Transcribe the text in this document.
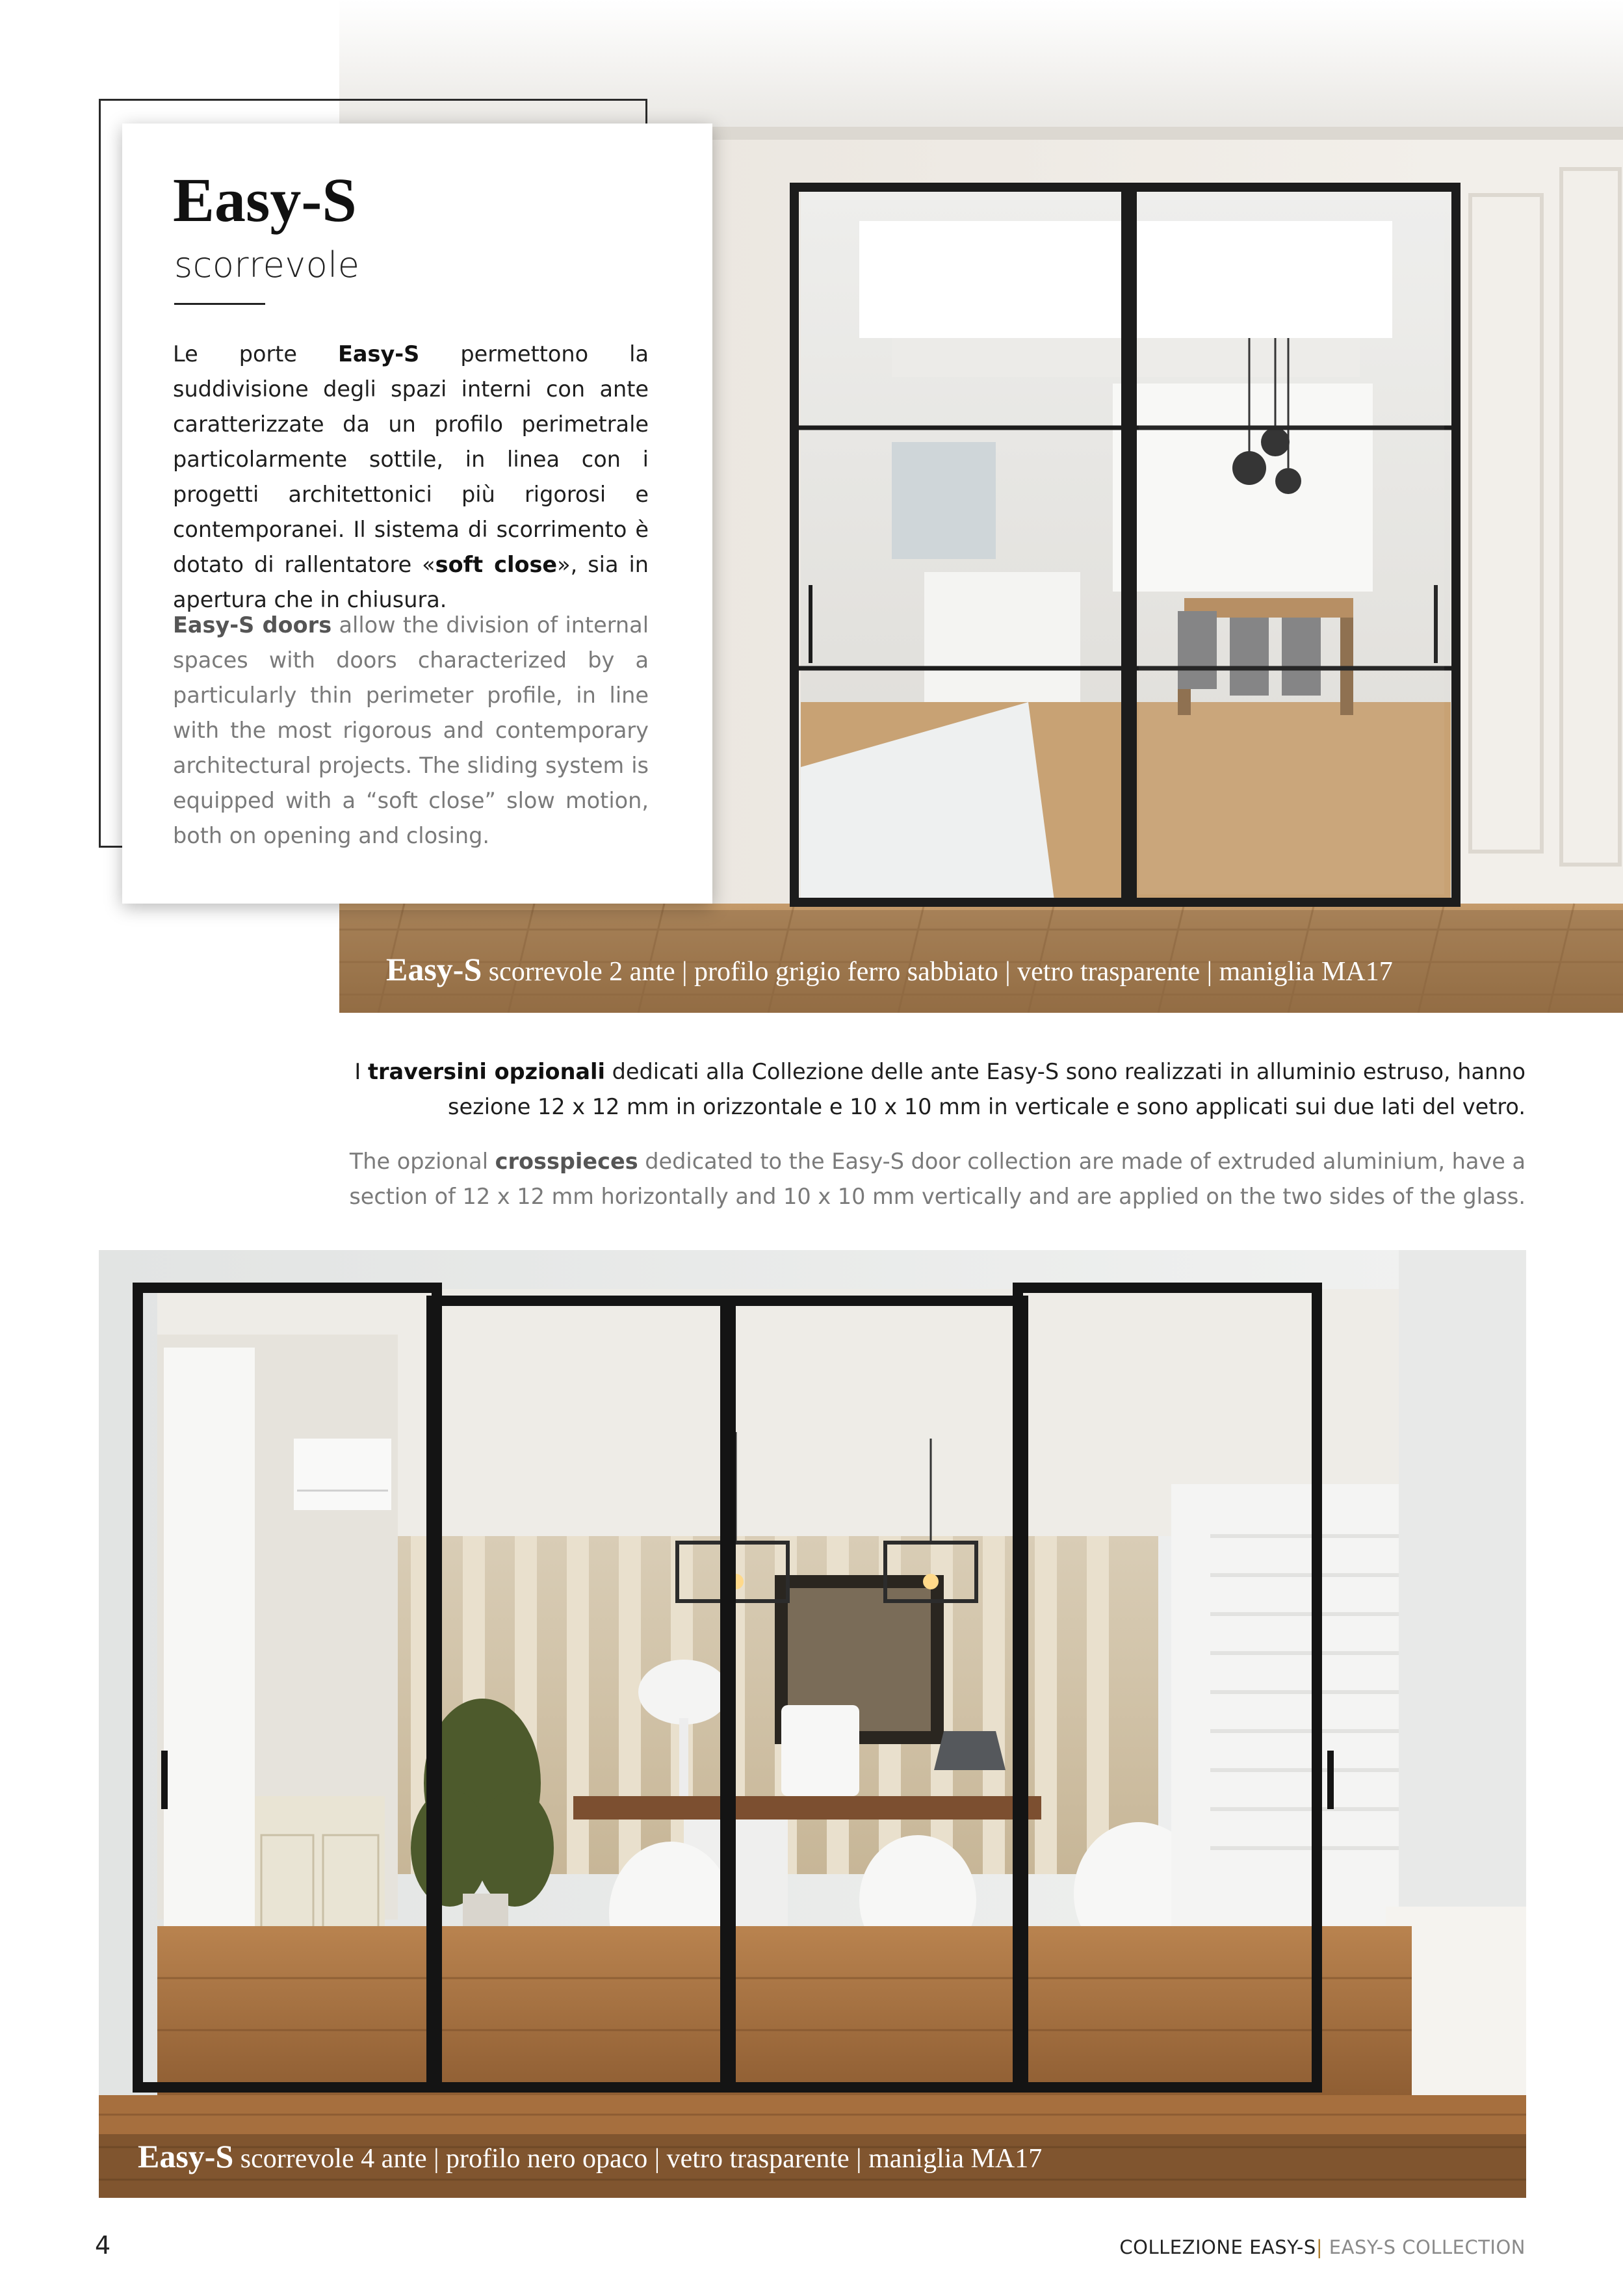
Easy-S scorrevole 2 ante | profilo grigio ferro sabbiato | vetro trasparente | maniglia MA17
Easy-S
scorrevole

Le porte Easy-S permettono la suddivisione degli spazi interni con ante caratterizzate da un profilo perimetrale particolarmente sottile, in linea con i progetti architettonici più rigorosi e contemporanei. Il sistema di scorrimento è dotato di rallentatore «soft close», sia in apertura che in chiusura.

Easy-S doors allow the division of internal spaces with doors characterized by a particularly thin perimeter profile, in line with the most rigorous and contemporary architectural projects. The sliding system is equipped with a “soft close” slow motion, both on opening and closing.

I traversini opzionali dedicati alla Collezione delle ante Easy-S sono realizzati in alluminio estruso, hanno sezione 12 x 12 mm in orizzontale e 10 x 10 mm in verticale e sono applicati sui due lati del vetro.

The opzional crosspieces dedicated to the Easy-S door collection are made of extruded aluminium, have a section of 12 x 12 mm horizontally and 10 x 10 mm vertically and are applied on the two sides of the glass.

Easy-S scorrevole 4 ante | profilo nero opaco | vetro trasparente | maniglia MA17
4	COLLEZIONE EASY-S| EASY-S COLLECTION
